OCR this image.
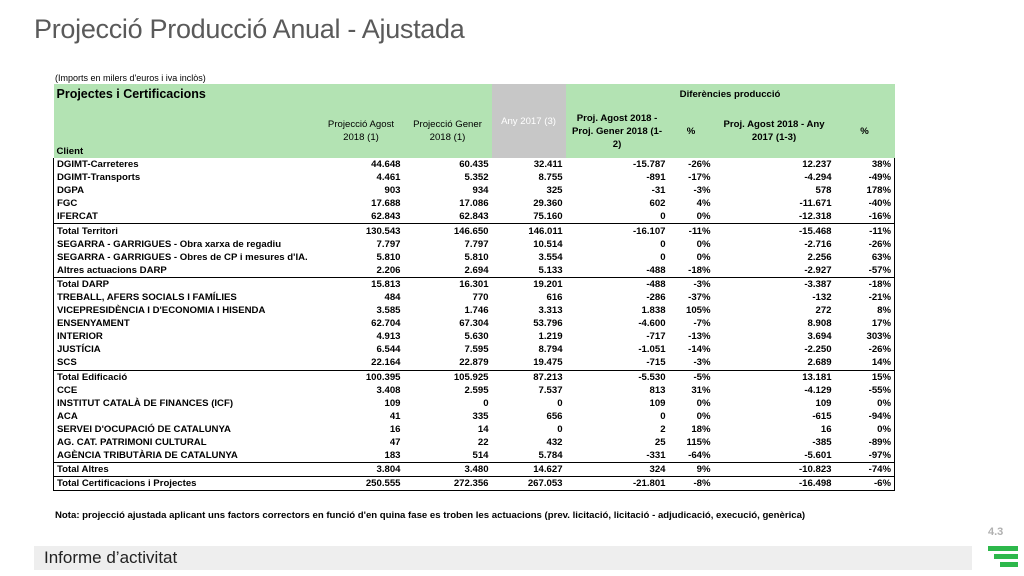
Projecció Producció Anual - Ajustada
(Imports en milers d'euros i iva inclòs)
Projectes i Certificacions			Any 2017 (3)	Diferències producció			
Client	Projecció Agost 2018 (1)	Projecció Gener 2018 (1)		Proj. Agost 2018 - Proj. Gener 2018 (1-2)	%	Proj. Agost 2018 - Any 2017 (1-3)	%
DGIMT-Carreteres	44.648	60.435	32.411	-15.787	-26%	12.237	38%
DGIMT-Transports	4.461	5.352	8.755	-891	-17%	-4.294	-49%
DGPA	903	934	325	-31	-3%	578	178%
FGC	17.688	17.086	29.360	602	4%	-11.671	-40%
IFERCAT	62.843	62.843	75.160	0	0%	-12.318	-16%
Total Territori	130.543	146.650	146.011	-16.107	-11%	-15.468	-11%
SEGARRA - GARRIGUES - Obra xarxa de regadiu	7.797	7.797	10.514	0	0%	-2.716	-26%
SEGARRA - GARRIGUES - Obres de CP i mesures d'IA.	5.810	5.810	3.554	0	0%	2.256	63%
Altres actuacions DARP	2.206	2.694	5.133	-488	-18%	-2.927	-57%
Total DARP	15.813	16.301	19.201	-488	-3%	-3.387	-18%
TREBALL, AFERS SOCIALS I FAMÍLIES	484	770	616	-286	-37%	-132	-21%
VICEPRESIDÈNCIA I D'ECONOMIA I HISENDA	3.585	1.746	3.313	1.838	105%	272	8%
ENSENYAMENT	62.704	67.304	53.796	-4.600	-7%	8.908	17%
INTERIOR	4.913	5.630	1.219	-717	-13%	3.694	303%
JUSTÍCIA	6.544	7.595	8.794	-1.051	-14%	-2.250	-26%
SCS	22.164	22.879	19.475	-715	-3%	2.689	14%
Total Edificació	100.395	105.925	87.213	-5.530	-5%	13.181	15%
CCE	3.408	2.595	7.537	813	31%	-4.129	-55%
INSTITUT CATALÀ DE FINANCES (ICF)	109	0	0	109	0%	109	0%
ACA	41	335	656	0	0%	-615	-94%
SERVEI D'OCUPACIÓ DE CATALUNYA	16	14	0	2	18%	16	0%
AG. CAT. PATRIMONI CULTURAL	47	22	432	25	115%	-385	-89%
AGÈNCIA TRIBUTÀRIA DE CATALUNYA	183	514	5.784	-331	-64%	-5.601	-97%
Total Altres	3.804	3.480	14.627	324	9%	-10.823	-74%
Total Certificacions i Projectes	250.555	272.356	267.053	-21.801	-8%	-16.498	-6%
Nota: projecció ajustada aplicant uns factors correctors en funció d'en quina fase es troben les actuacions (prev. licitació, licitació - adjudicació, execució, genèrica)
4.3
Informe d’activitat
